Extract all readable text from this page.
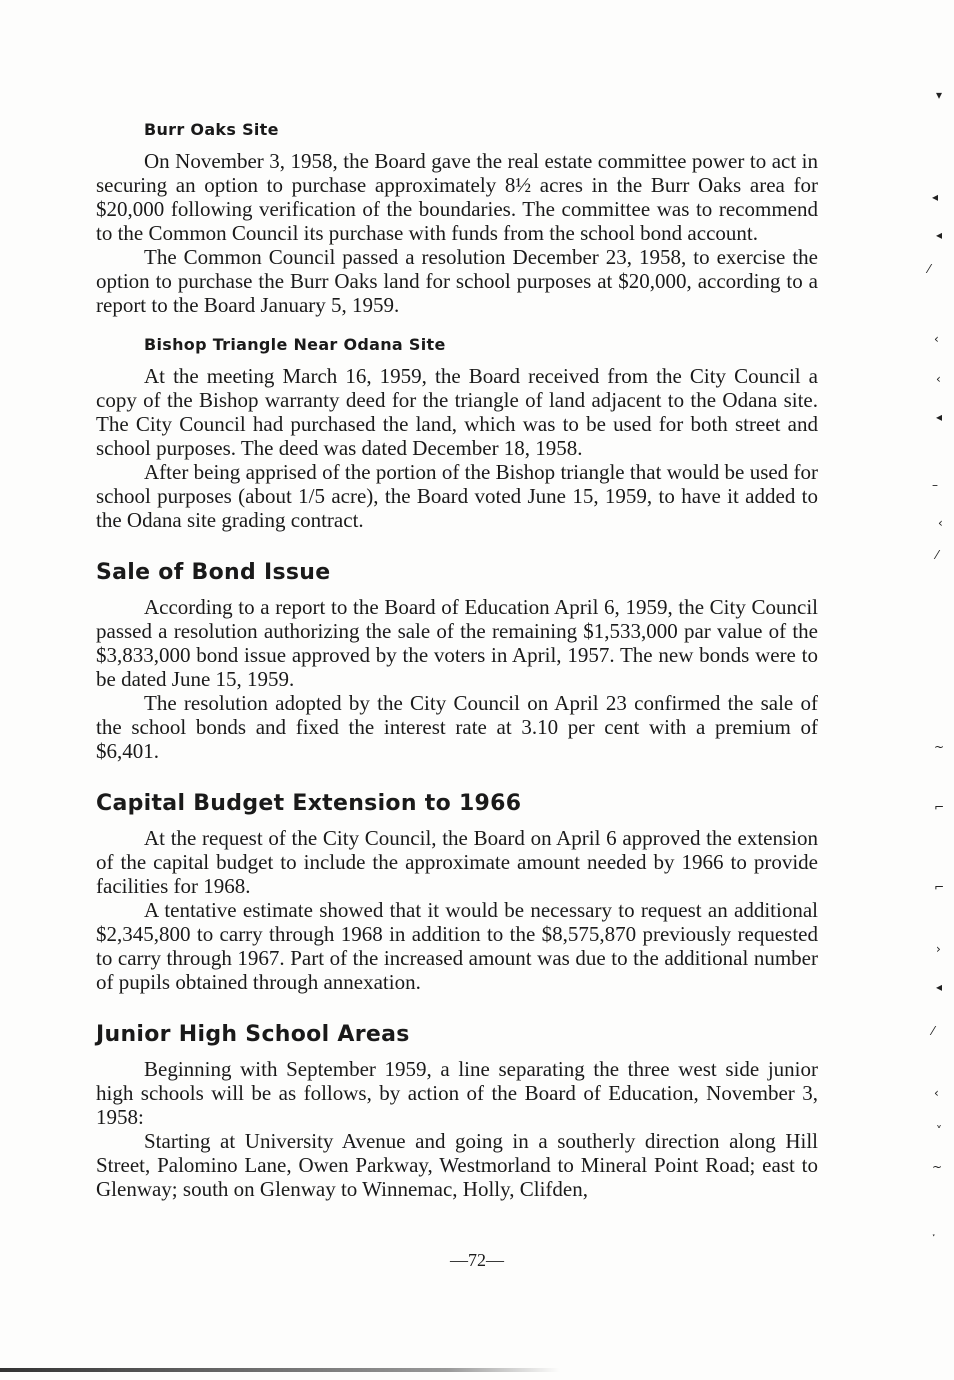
Burr Oaks Site

On November 3, 1958, the Board gave the real estate committee power to act in securing an option to purchase approximately 8½ acres in the Burr Oaks area for $20,000 following verification of the boundaries. The committee was to recommend to the Common Council its purchase with funds from the school bond account.

The Common Council passed a resolution December 23, 1958, to exercise the option to purchase the Burr Oaks land for school purposes at $20,000, according to a report to the Board January 5, 1959.

Bishop Triangle Near Odana Site

At the meeting March 16, 1959, the Board received from the City Council a copy of the Bishop warranty deed for the triangle of land adjacent to the Odana site. The City Council had purchased the land, which was to be used for both street and school purposes. The deed was dated December 18, 1958.

After being apprised of the portion of the Bishop triangle that would be used for school purposes (about 1/5 acre), the Board voted June 15, 1959, to have it added to the Odana site grading contract.

Sale of Bond Issue

According to a report to the Board of Education April 6, 1959, the City Council passed a resolution authorizing the sale of the remaining $1,533,000 par value of the $3,833,000 bond issue approved by the voters in April, 1957. The new bonds were to be dated June 15, 1959.

The resolution adopted by the City Council on April 23 confirmed the sale of the school bonds and fixed the interest rate at 3.10 per cent with a premium of $6,401.

Capital Budget Extension to 1966

At the request of the City Council, the Board on April 6 approved the extension of the capital budget to include the approximate amount needed by 1966 to provide facilities for 1968.

A tentative estimate showed that it would be necessary to request an additional $2,345,800 to carry through 1968 in addition to the $8,575,870 previously requested to carry through 1967. Part of the increased amount was due to the additional number of pupils obtained through annexation.

Junior High School Areas

Beginning with September 1959, a line separating the three west side junior high schools will be as follows, by action of the Board of Education, November 3, 1958:

Starting at University Avenue and going in a southerly direction along Hill Street, Palomino Lane, Owen Parkway, Westmorland to Mineral Point Road; east to Glenway; south on Glenway to Winnemac, Holly, Clifden,

—72—
▾
◂
◂
⁄
‹
‹
◂
–
‹
⁄
~
⌐
⌐
›
◂
⁄
‹
˅
~
ˑ
